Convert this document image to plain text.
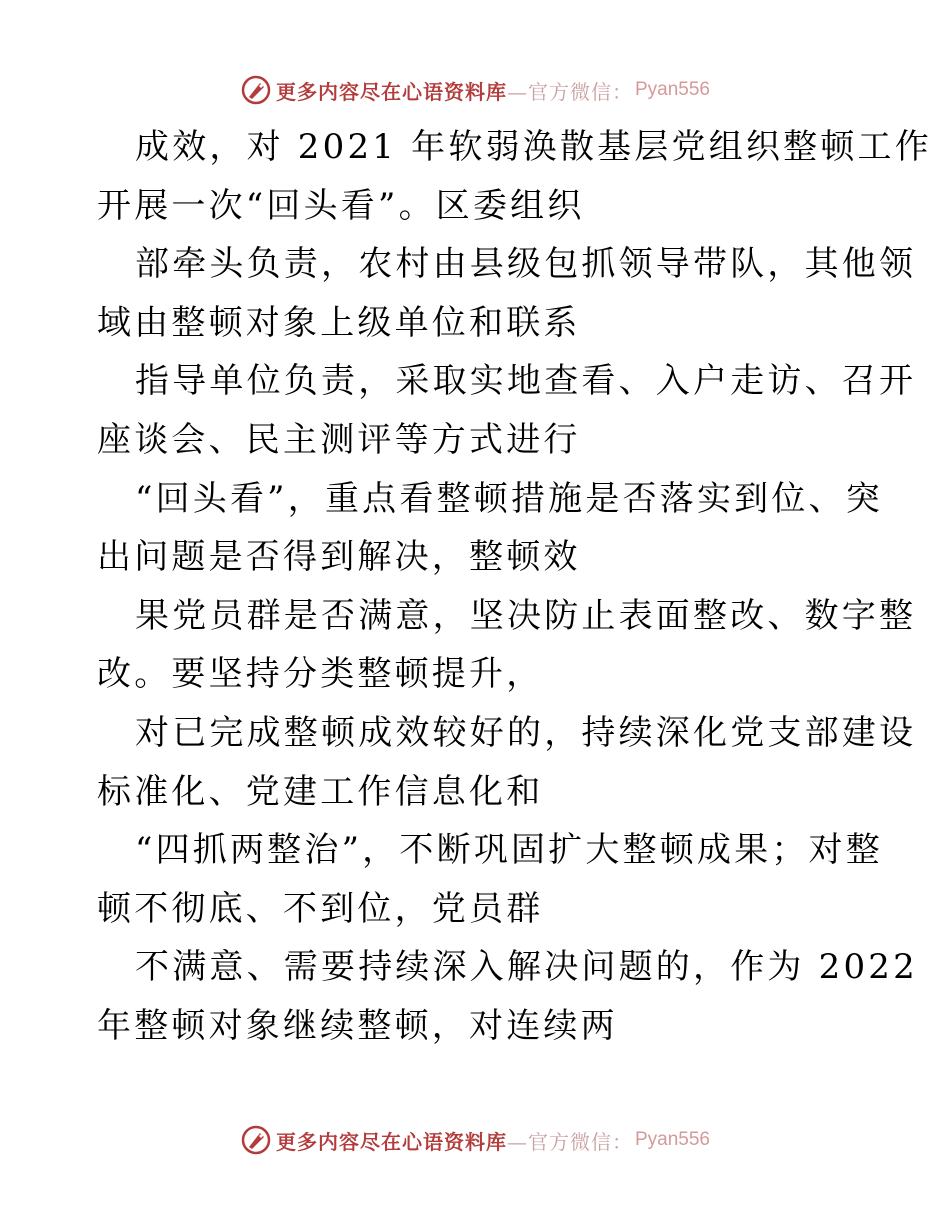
更多内容尽在心语资料库—官方微信： Pyan556
成效，对 2021 年软弱涣散基层党组织整顿工作
开展一次“回头看”。区委组织
部牵头负责，农村由县级包抓领导带队，其他领
域由整顿对象上级单位和联系
指导单位负责，采取实地查看、入户走访、召开
座谈会、民主测评等方式进行
“回头看”，重点看整顿措施是否落实到位、突
出问题是否得到解决，整顿效
果党员群是否满意，坚决防止表面整改、数字整
改。要坚持分类整顿提升，
对已完成整顿成效较好的，持续深化党支部建设
标准化、党建工作信息化和
“四抓两整治”，不断巩固扩大整顿成果；对整
顿不彻底、不到位，党员群
不满意、需要持续深入解决问题的，作为 2022
年整顿对象继续整顿，对连续两
更多内容尽在心语资料库—官方微信： Pyan556
